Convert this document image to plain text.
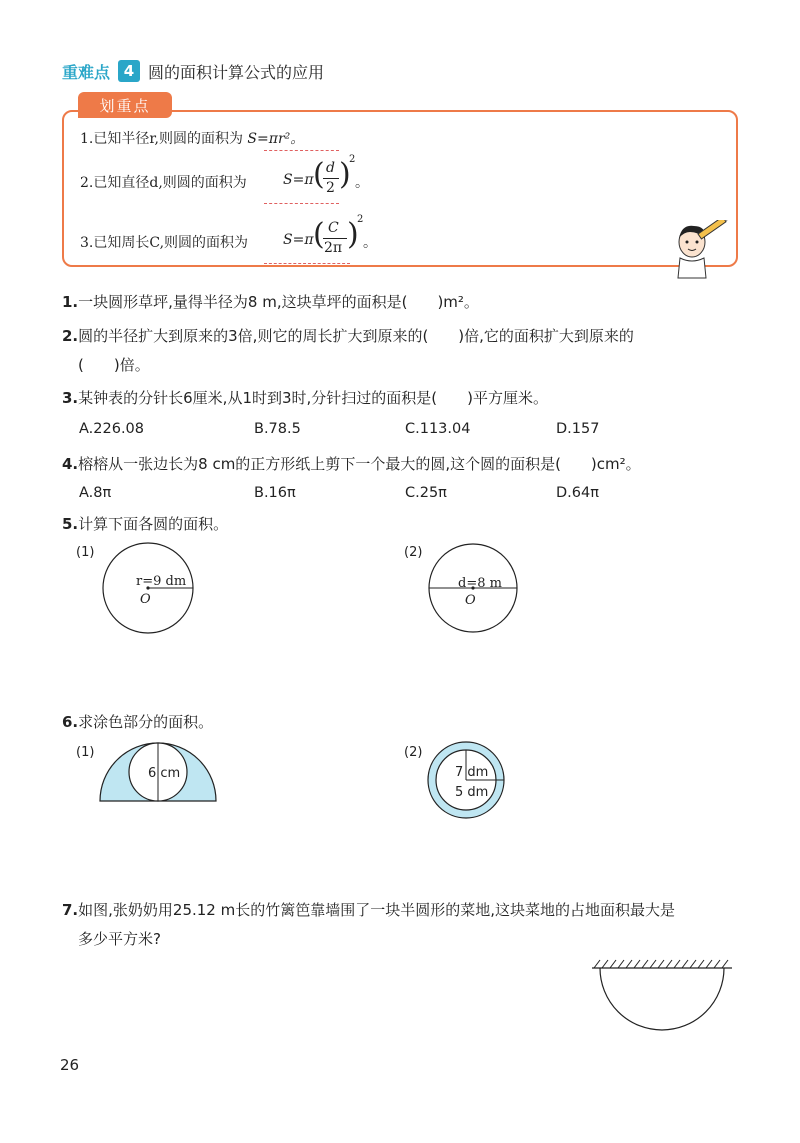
重难点 4 圆的面积计算公式的应用
划重点
1.已知半径r,则圆的面积为 S=πr²。
2.已知直径d,则圆的面积为	S=π ( d
2 )
2
。
3.已知周长C,则圆的面积为 S=π ( C
2π )
2
。
1.一块圆形草坪,量得半径为8 m,这块草坪的面积是(　　)m²。
2.圆的半径扩大到原来的3倍,则它的周长扩大到原来的(　　)倍,它的面积扩大到原来的
(　　)倍。
3.某钟表的分针长6厘米,从1时到3时,分针扫过的面积是(　　)平方厘米。
A.226.08	B.78.5	C.113.04	D.157
4.榕榕从一张边长为8 cm的正方形纸上剪下一个最大的圆,这个圆的面积是(　　)cm²。
A.8π	B.16π	C.25π	D.64π
5.计算下面各圆的面积。
(1)
r=9 dm
O
(2)
d=8 m
O
6.求涂色部分的面积。
(1)
6 cm
(2)
7 dm
5 dm
7.如图,张奶奶用25.12 m长的竹篱笆靠墙围了一块半圆形的菜地,这块菜地的占地面积最大是
多少平方米?
26
